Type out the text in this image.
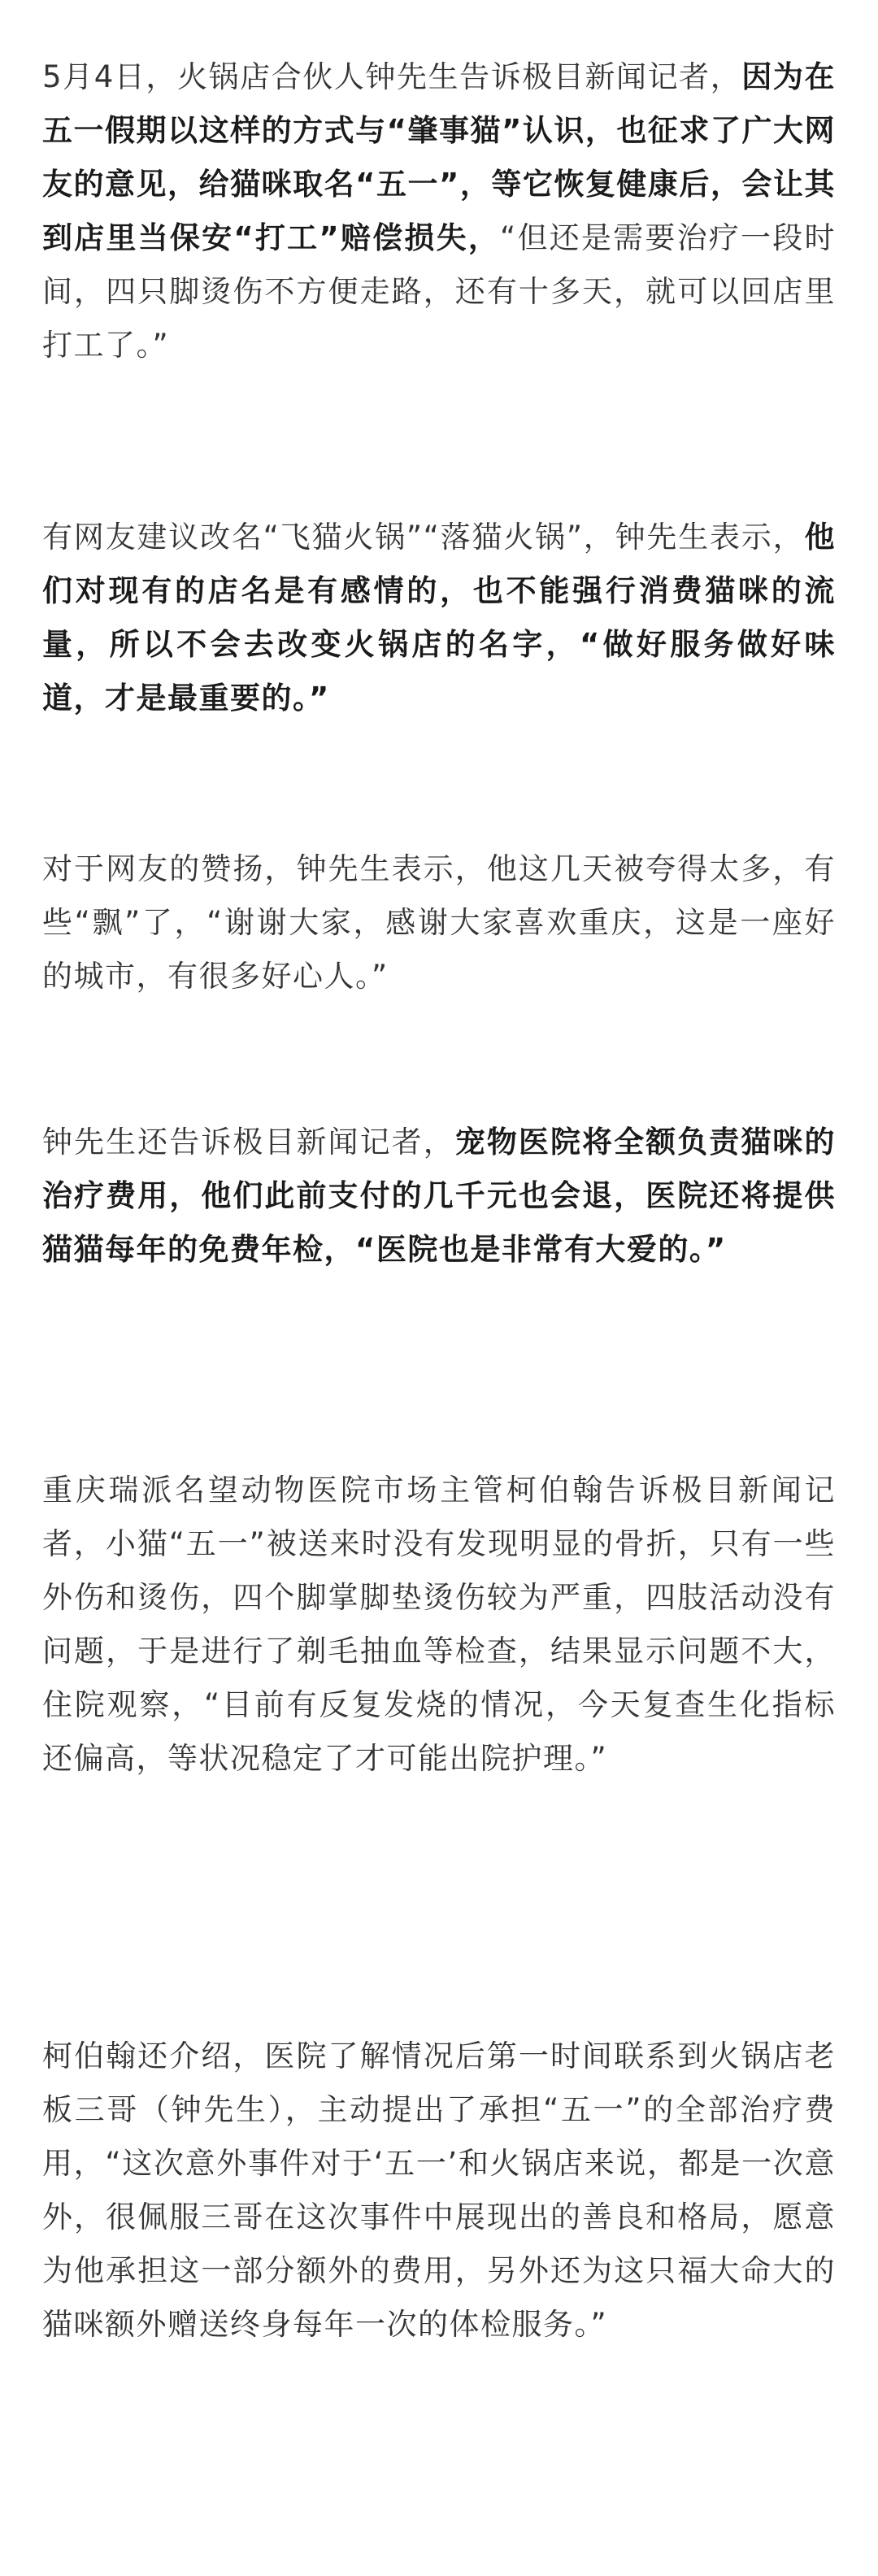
5月4日，火锅店合伙人钟先生告诉极目新闻记者，因为在五一假期以这样的方式与“肇事猫”认识，也征求了广大网友的意见，给猫咪取名“五一”，等它恢复健康后，会让其到店里当保安“打工”赔偿损失，“但还是需要治疗一段时间，四只脚烫伤不方便走路，还有十多天，就可以回店里打工了。”

有网友建议改名“飞猫火锅”“落猫火锅”，钟先生表示，他们对现有的店名是有感情的，也不能强行消费猫咪的流量，所以不会去改变火锅店的名字，“做好服务做好味道，才是最重要的。”

对于网友的赞扬，钟先生表示，他这几天被夸得太多，有些“飘”了，“谢谢大家，感谢大家喜欢重庆，这是一座好的城市，有很多好心人。”

钟先生还告诉极目新闻记者，宠物医院将全额负责猫咪的治疗费用，他们此前支付的几千元也会退，医院还将提供猫猫每年的免费年检，“医院也是非常有大爱的。”

重庆瑞派名望动物医院市场主管柯伯翰告诉极目新闻记者，小猫“五一”被送来时没有发现明显的骨折，只有一些外伤和烫伤，四个脚掌脚垫烫伤较为严重，四肢活动没有问题，于是进行了剃毛抽血等检查，结果显示问题不大，住院观察，“目前有反复发烧的情况，今天复查生化指标还偏高，等状况稳定了才可能出院护理。”

柯伯翰还介绍，医院了解情况后第一时间联系到火锅店老板三哥（钟先生），主动提出了承担“五一”的全部治疗费用，“这次意外事件对于‘五一’和火锅店来说，都是一次意外，很佩服三哥在这次事件中展现出的善良和格局，愿意为他承担这一部分额外的费用，另外还为这只福大命大的猫咪额外赠送终身每年一次的体检服务。”
